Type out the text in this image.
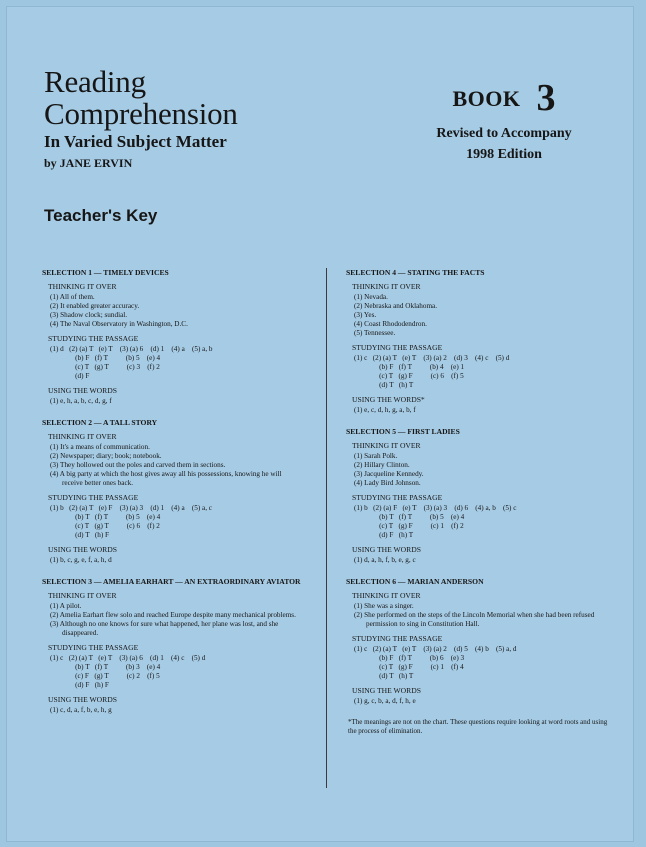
Reading
Comprehension
In Varied Subject Matter
by JANE ERVIN
Teacher's Key
BOOK 3
Revised to Accompany
1998 Edition
SELECTION 1 — TIMELY DEVICES
THINKING IT OVER
(1) All of them.
(2) It enabled greater accuracy.
(3) Shadow clock; sundial.
(4) The Naval Observatory in Washington, D.C.
STUDYING THE PASSAGE
(1) d   (2) (a) T   (e) T    (3) (a) 6    (d) 1    (4) a    (5) a, b
(b) F   (f) T          (b) 5    (e) 4
(c) T   (g) T          (c) 3    (f) 2
(d) F
USING THE WORDS
(1) e, h, a, b, c, d, g, f
SELECTION 2 — A TALL STORY
THINKING IT OVER
(1) It's a means of communication.
(2) Newspaper; diary; book; notebook.
(3) They hollowed out the poles and carved them in sections.
(4) A big party at which the host gives away all his possessions, knowing he will receive better ones back.
STUDYING THE PASSAGE
(1) b   (2) (a) T   (e) F    (3) (a) 3    (d) 1    (4) a    (5) a, c
(b) T   (f) T          (b) 5    (e) 4
(c) T   (g) T          (c) 6    (f) 2
(d) T   (h) F
USING THE WORDS
(1) b, c, g, e, f, a, h, d
SELECTION 3 — AMELIA EARHART — AN EXTRAORDINARY AVIATOR
THINKING IT OVER
(1) A pilot.
(2) Amelia Earhart flew solo and reached Europe despite many mechanical problems.
(3) Although no one knows for sure what happened, her plane was lost, and she disappeared.
STUDYING THE PASSAGE
(1) c   (2) (a) T   (e) T    (3) (a) 6    (d) 1    (4) c    (5) d
(b) T   (f) T          (b) 3    (e) 4
(c) F   (g) T          (c) 2    (f) 5
(d) F   (h) F
USING THE WORDS
(1) c, d, a, f, b, e, h, g
SELECTION 4 — STATING THE FACTS
THINKING IT OVER
(1) Nevada.
(2) Nebraska and Oklahoma.
(3) Yes.
(4) Coast Rhododendron.
(5) Tennessee.
STUDYING THE PASSAGE
(1) c   (2) (a) T   (e) T    (3) (a) 2    (d) 3    (4) c    (5) d
(b) F   (f) T          (b) 4    (e) 1
(c) T   (g) F          (c) 6    (f) 5
(d) T   (h) T
USING THE WORDS*
(1) e, c, d, h, g, a, b, f
SELECTION 5 — FIRST LADIES
THINKING IT OVER
(1) Sarah Polk.
(2) Hillary Clinton.
(3) Jacqueline Kennedy.
(4) Lady Bird Johnson.
STUDYING THE PASSAGE
(1) b   (2) (a) F   (e) T    (3) (a) 3    (d) 6    (4) a, b    (5) c
(b) T   (f) T          (b) 5    (e) 4
(c) T   (g) F          (c) 1    (f) 2
(d) F   (h) T
USING THE WORDS
(1) d, a, h, f, b, e, g, c
SELECTION 6 — MARIAN ANDERSON
THINKING IT OVER
(1) She was a singer.
(2) She performed on the steps of the Lincoln Memorial when she had been refused permission to sing in Constitution Hall.
STUDYING THE PASSAGE
(1) c   (2) (a) T   (e) T    (3) (a) 2    (d) 5    (4) b    (5) a, d
(b) F   (f) T          (b) 6    (e) 3
(c) T   (g) F          (c) 1    (f) 4
(d) T   (h) T
USING THE WORDS
(1) g, c, b, a, d, f, h, e
*The meanings are not on the chart. These questions require looking at word roots and using the process of elimination.
